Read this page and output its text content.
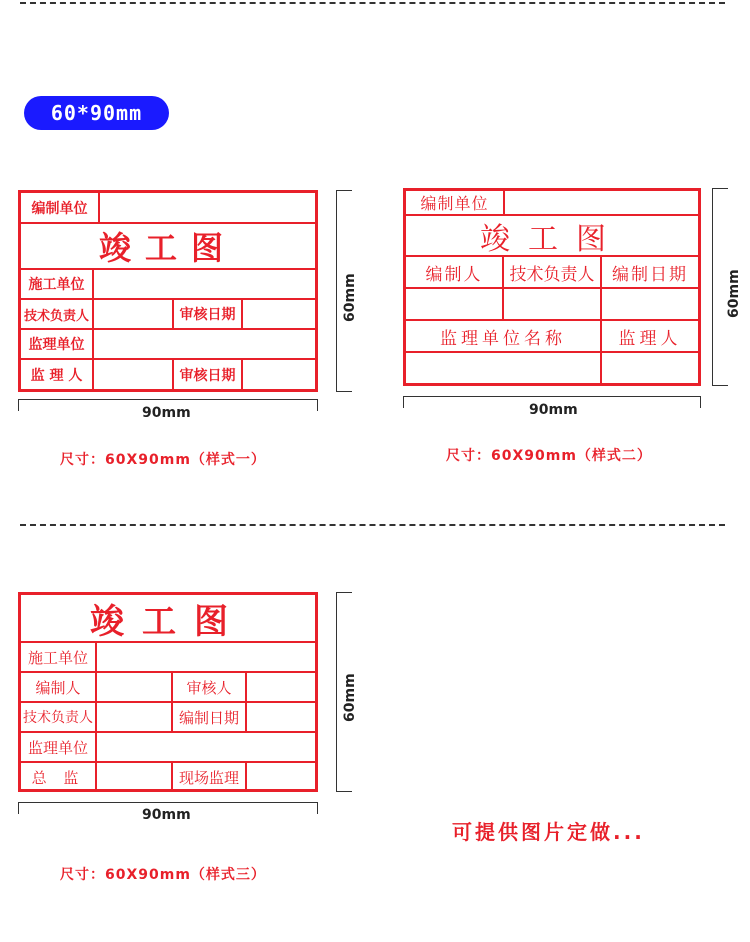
60*90mm
编制单位
竣工图
施工单位
技术负责人	审核日期
监理单位
监 理 人	审核日期
60mm
90mm
尺寸：60X90mm（样式一）
编制单位
竣工图
编制人	技术负责人	编制日期
监理单位名称	监理人
60mm
90mm
尺寸：60X90mm（样式二）
竣工图
施工单位
编制人	审核人
技术负责人	编制日期
监理单位
总 监	现场监理
60mm
90mm
尺寸：60X90mm（样式三）
可提供图片定做...
